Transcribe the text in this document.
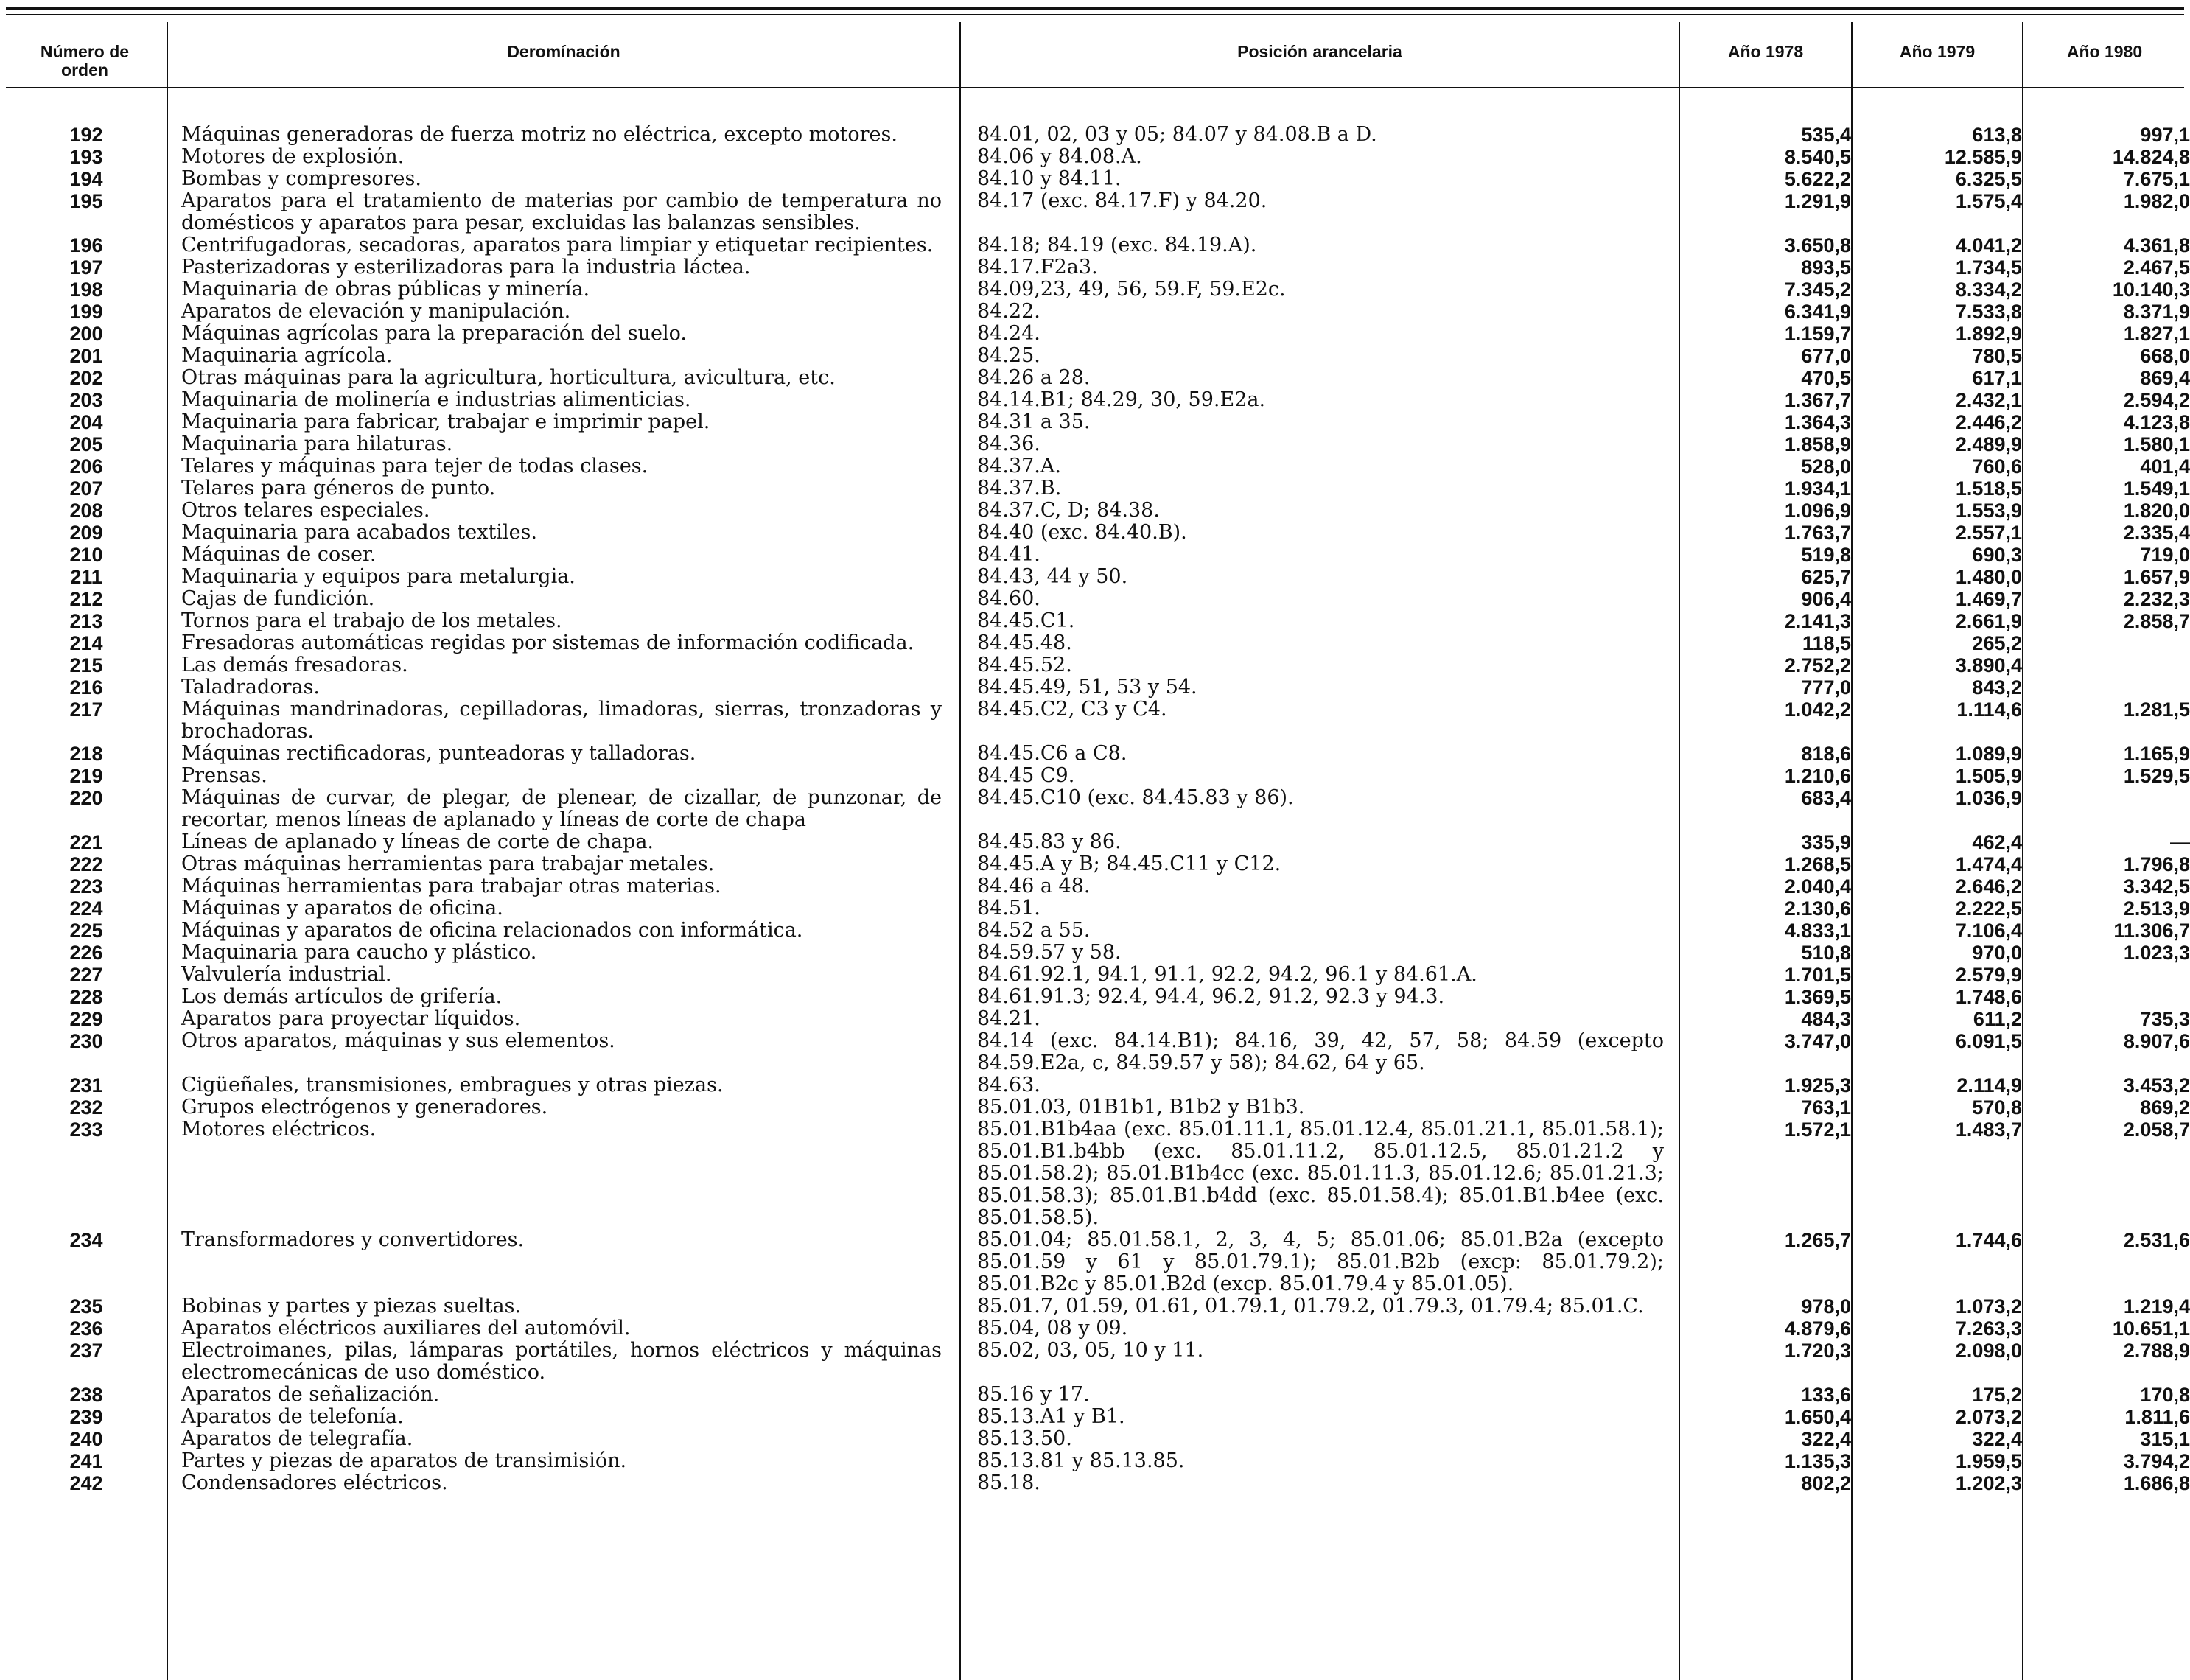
Número de orden
Deromínación	Posición arancelaria	Año 1978	Año 1979	Año 1980
192	Máquinas generadoras de fuerza motriz no eléctrica, excepto motores.	84.01, 02, 03 y 05; 84.07 y 84.08.B a D.	535,4	613,8	997,1
193	Motores de explosión.	84.06 y 84.08.A.	8.540,5	12.585,9	14.824,8
194	Bombas y compresores.	84.10 y 84.11.	5.622,2	6.325,5	7.675,1
195	Aparatos para el tratamiento de materias por cambio de temperatura no domésticos y aparatos para pesar, excluidas las balanzas sensibles.	84.17 (exc. 84.17.F) y 84.20.	1.291,9	1.575,4	1.982,0
196	Centrifugadoras, secadoras, aparatos para limpiar y etiquetar recipientes.	84.18; 84.19 (exc. 84.19.A).	3.650,8	4.041,2	4.361,8
197	Pasterizadoras y esterilizadoras para la industria láctea.	84.17.F2a3.	893,5	1.734,5	2.467,5
198	Maquinaria de obras públicas y minería.	84.09,23, 49, 56, 59.F, 59.E2c.	7.345,2	8.334,2	10.140,3
199	Aparatos de elevación y manipulación.	84.22.	6.341,9	7.533,8	8.371,9
200	Máquinas agrícolas para la preparación del suelo.	84.24.	1.159,7	1.892,9	1.827,1
201	Maquinaria agrícola.	84.25.	677,0	780,5	668,0
202	Otras máquinas para la agricultura, horticultura, avicultura, etc.	84.26 a 28.	470,5	617,1	869,4
203	Maquinaria de molinería e industrias alimenticias.	84.14.B1; 84.29, 30, 59.E2a.	1.367,7	2.432,1	2.594,2
204	Maquinaria para fabricar, trabajar e imprimir papel.	84.31 a 35.	1.364,3	2.446,2	4.123,8
205	Maquinaria para hilaturas.	84.36.	1.858,9	2.489,9	1.580,1
206	Telares y máquinas para tejer de todas clases.	84.37.A.	528,0	760,6	401,4
207	Telares para géneros de punto.	84.37.B.	1.934,1	1.518,5	1.549,1
208	Otros telares especiales.	84.37.C, D; 84.38.	1.096,9	1.553,9	1.820,0
209	Maquinaria para acabados textiles.	84.40 (exc. 84.40.B).	1.763,7	2.557,1	2.335,4
210	Máquinas de coser.	84.41.	519,8	690,3	719,0
211	Maquinaria y equipos para metalurgia.	84.43, 44 y 50.	625,7	1.480,0	1.657,9
212	Cajas de fundición.	84.60.	906,4	1.469,7	2.232,3
213	Tornos para el trabajo de los metales.	84.45.C1.	2.141,3	2.661,9	2.858,7
214	Fresadoras automáticas regidas por sistemas de información codificada.	84.45.48.	118,5	265,2	
215	Las demás fresadoras.	84.45.52.	2.752,2	3.890,4	
216	Taladradoras.	84.45.49, 51, 53 y 54.	777,0	843,2	
217	Máquinas mandrinadoras, cepilladoras, limadoras, sierras, tronzadoras y brochadoras.	84.45.C2, C3 y C4.	1.042,2	1.114,6	1.281,5
218	Máquinas rectificadoras, punteadoras y talladoras.	84.45.C6 a C8.	818,6	1.089,9	1.165,9
219	Prensas.	84.45 C9.	1.210,6	1.505,9	1.529,5
220	Máquinas de curvar, de plegar, de plenear, de cizallar, de punzonar, de recortar, menos líneas de aplanado y líneas de corte de chapa	84.45.C10 (exc. 84.45.83 y 86).	683,4	1.036,9	
221	Líneas de aplanado y líneas de corte de chapa.	84.45.83 y 86.	335,9	462,4	—
222	Otras máquinas herramientas para trabajar metales.	84.45.A y B; 84.45.C11 y C12.	1.268,5	1.474,4	1.796,8
223	Máquinas herramientas para trabajar otras materias.	84.46 a 48.	2.040,4	2.646,2	3.342,5
224	Máquinas y aparatos de oficina.	84.51.	2.130,6	2.222,5	2.513,9
225	Máquinas y aparatos de oficina relacionados con informática.	84.52 a 55.	4.833,1	7.106,4	11.306,7
226	Maquinaria para caucho y plástico.	84.59.57 y 58.	510,8	970,0	1.023,3
227	Valvulería industrial.	84.61.92.1, 94.1, 91.1, 92.2, 94.2, 96.1 y 84.61.A.	1.701,5	2.579,9	
228	Los demás artículos de grifería.	84.61.91.3; 92.4, 94.4, 96.2, 91.2, 92.3 y 94.3.	1.369,5	1.748,6	
229	Aparatos para proyectar líquidos.	84.21.	484,3	611,2	735,3
230	Otros aparatos, máquinas y sus elementos.	84.14 (exc. 84.14.B1); 84.16, 39, 42, 57, 58; 84.59 (excepto 84.59.E2a, c, 84.59.57 y 58); 84.62, 64 y 65.	3.747,0	6.091,5	8.907,6
231	Cigüeñales, transmisiones, embragues y otras piezas.	84.63.	1.925,3	2.114,9	3.453,2
232	Grupos electrógenos y generadores.	85.01.03, 01B1b1, B1b2 y B1b3.	763,1	570,8	869,2
233	Motores eléctricos.	85.01.B1b4aa (exc. 85.01.11.1, 85.01.12.4, 85.01.21.1, 85.01.58.1); 85.01.B1.b4bb (exc. 85.01.11.2, 85.01.12.5, 85.01.21.2 y 85.01.58.2); 85.01.B1b4cc (exc. 85.01.11.3, 85.01.12.6; 85.01.21.3; 85.01.58.3); 85.01.B1.b4dd (exc. 85.01.58.4); 85.01.B1.b4ee (exc. 85.01.58.5).	1.572,1	1.483,7	2.058,7
234	Transformadores y convertidores.	85.01.04; 85.01.58.1, 2, 3, 4, 5; 85.01.06; 85.01.B2a (excepto 85.01.59 y 61 y 85.01.79.1); 85.01.B2b (excp: 85.01.79.2); 85.01.B2c y 85.01.B2d (excp. 85.01.79.4 y 85.01.05).	1.265,7	1.744,6	2.531,6
235	Bobinas y partes y piezas sueltas.	85.01.7, 01.59, 01.61, 01.79.1, 01.79.2, 01.79.3, 01.79.4; 85.01.C.	978,0	1.073,2	1.219,4
236	Aparatos eléctricos auxiliares del automóvil.	85.04, 08 y 09.	4.879,6	7.263,3	10.651,1
237	Electroimanes, pilas, lámparas portátiles, hornos eléctricos y máquinas electromecánicas de uso doméstico.	85.02, 03, 05, 10 y 11.	1.720,3	2.098,0	2.788,9
238	Aparatos de señalización.	85.16 y 17.	133,6	175,2	170,8
239	Aparatos de telefonía.	85.13.A1 y B1.	1.650,4	2.073,2	1.811,6
240	Aparatos de telegrafía.	85.13.50.	322,4	322,4	315,1
241	Partes y piezas de aparatos de transimisión.	85.13.81 y 85.13.85.	1.135,3	1.959,5	3.794,2
242	Condensadores eléctricos.	85.18.	802,2	1.202,3	1.686,8
